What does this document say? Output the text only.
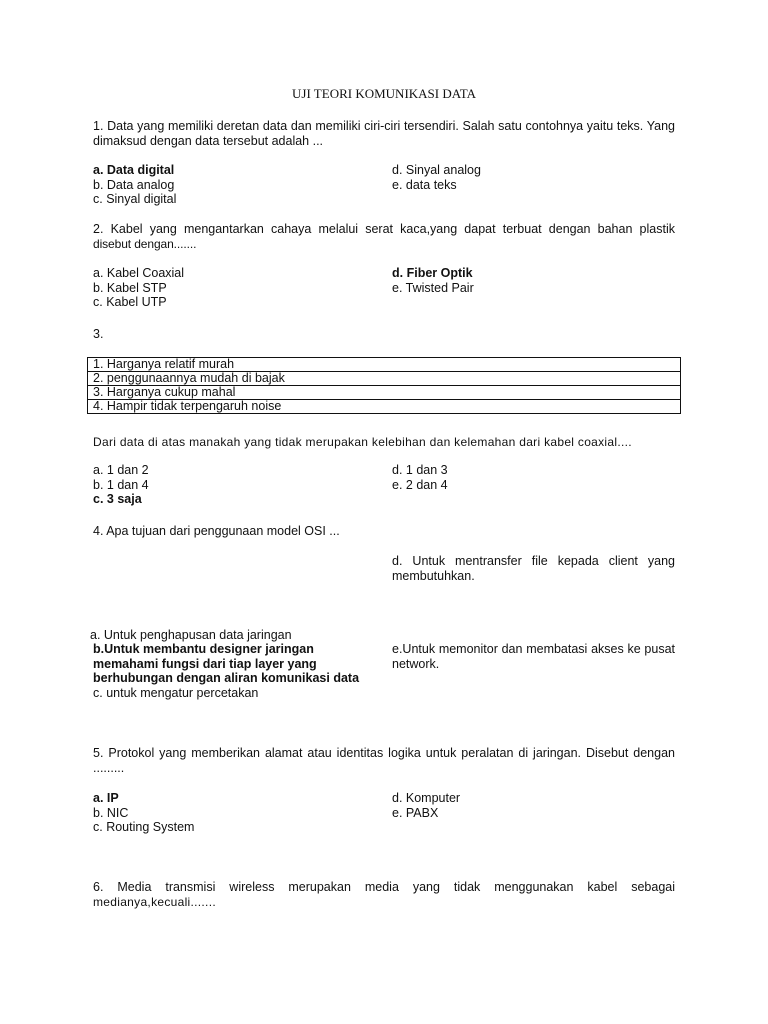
UJI TEORI KOMUNIKASI DATA
1. Data yang memiliki deretan data dan memiliki ciri-ciri tersendiri. Salah satu contohnya yaitu teks. Yang dimaksud dengan data tersebut adalah ...
a. Data digital
b. Data analog
c. Sinyal digital
d. Sinyal analog
e. data teks
2. Kabel yang mengantarkan cahaya melalui serat kaca,yang dapat terbuat dengan bahan plastik
disebut dengan.......
a. Kabel Coaxial
b. Kabel STP
c. Kabel UTP
d. Fiber Optik
e. Twisted Pair
3.
1. Harganya relatif murah
2. penggunaannya mudah di bajak
3. Harganya cukup mahal
4. Hampir tidak terpengaruh noise
Dari data di atas manakah yang tidak merupakan kelebihan dan kelemahan dari kabel coaxial....
a. 1 dan 2
b. 1 dan 4
c. 3 saja
d. 1 dan 3
e. 2 dan 4
4. Apa tujuan dari penggunaan model OSI ...
d. Untuk mentransfer file kepada client yang membutuhkan.
a. Untuk penghapusan data jaringan
b.Untuk membantu designer jaringan
memahami fungsi dari tiap layer yang
berhubungan dengan aliran komunikasi data
c. untuk mengatur percetakan
e.Untuk memonitor dan membatasi akses ke pusat network.
5. Protokol yang memberikan alamat atau identitas logika untuk peralatan di jaringan. Disebut dengan .........
a. IP
b. NIC
c. Routing System
d. Komputer
e. PABX
6. Media transmisi wireless merupakan media yang tidak menggunakan kabel sebagai
medianya,kecuali.......
